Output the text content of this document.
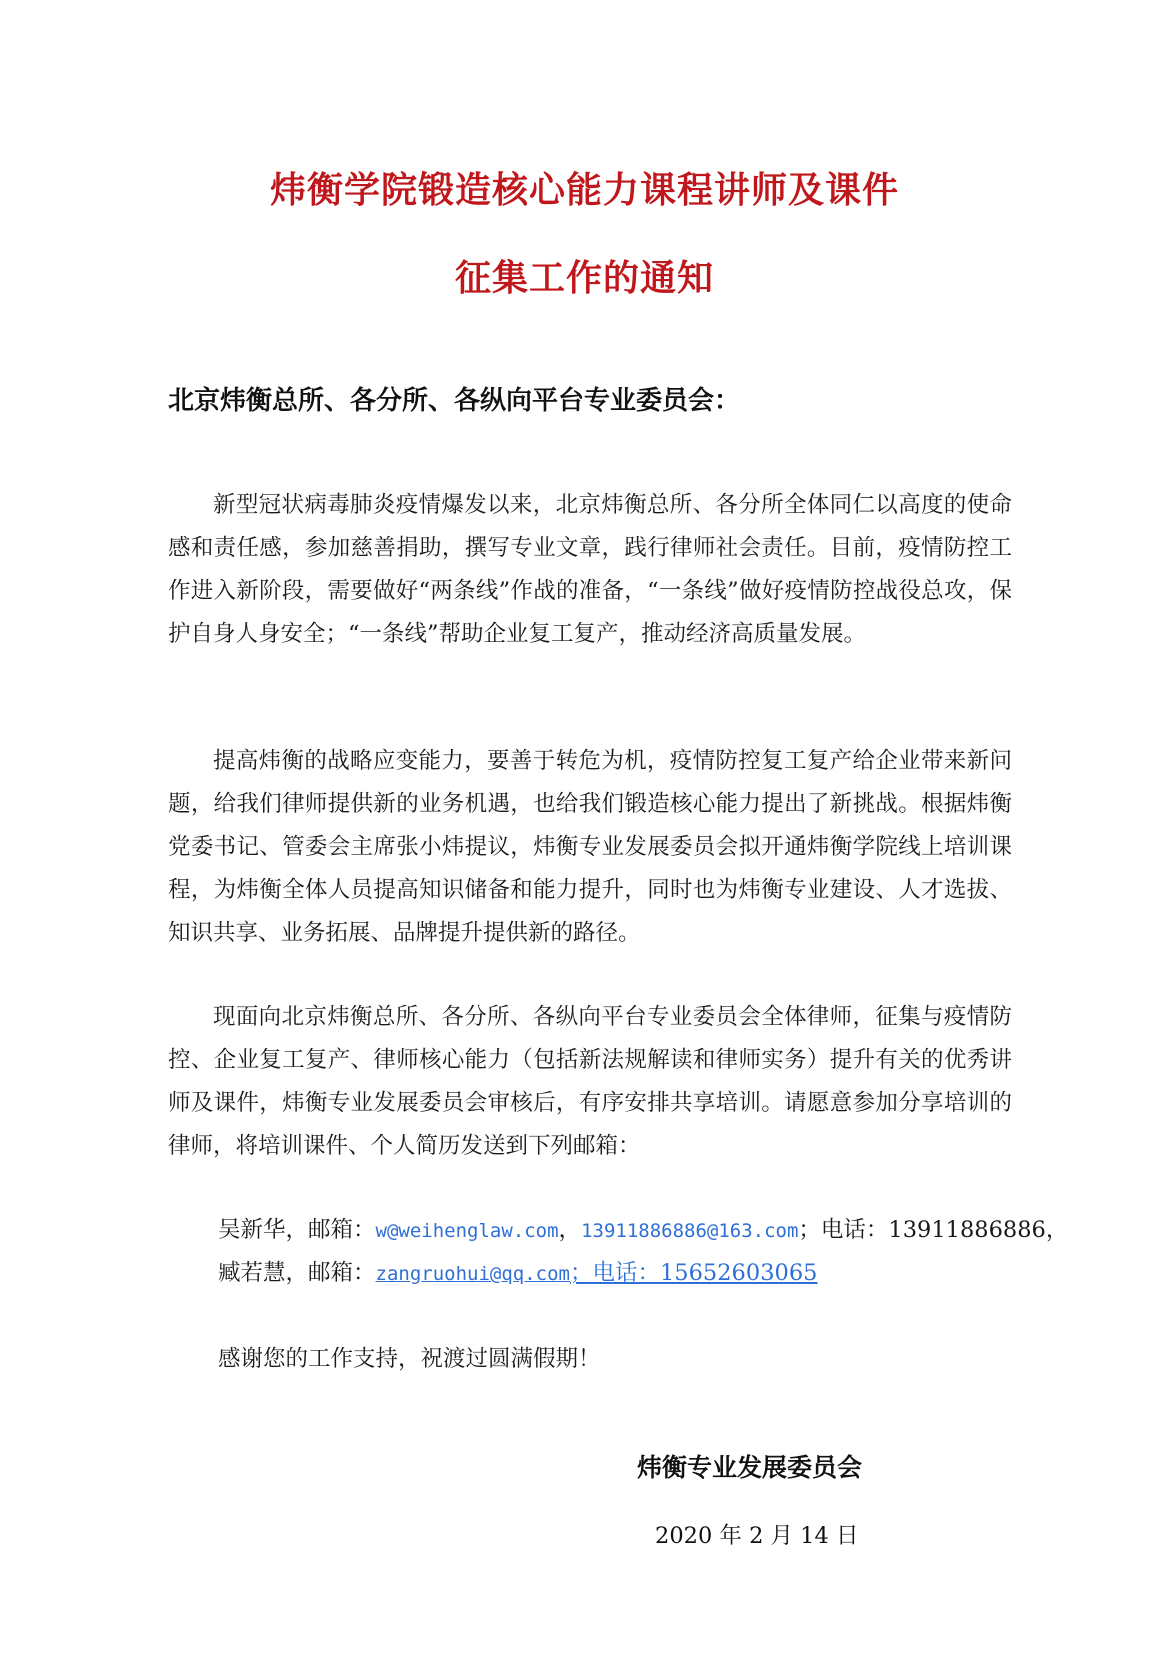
炜衡学院锻造核心能力课程讲师及课件
征集工作的通知

北京炜衡总所、各分所、各纵向平台专业委员会：

新型冠状病毒肺炎疫情爆发以来，北京炜衡总所、各分所全体同仁以高度的使命感和责任感，参加慈善捐助，撰写专业文章，践行律师社会责任。目前，疫情防控工作进入新阶段，需要做好“两条线”作战的准备，“一条线”做好疫情防控战役总攻，保护自身人身安全；“一条线”帮助企业复工复产，推动经济高质量发展。

提高炜衡的战略应变能力，要善于转危为机，疫情防控复工复产给企业带来新问题，给我们律师提供新的业务机遇，也给我们锻造核心能力提出了新挑战。根据炜衡党委书记、管委会主席张小炜提议，炜衡专业发展委员会拟开通炜衡学院线上培训课程，为炜衡全体人员提高知识储备和能力提升，同时也为炜衡专业建设、人才选拔、知识共享、业务拓展、品牌提升提供新的路径。

现面向北京炜衡总所、各分所、各纵向平台专业委员会全体律师，征集与疫情防控、企业复工复产、律师核心能力（包括新法规解读和律师实务）提升有关的优秀讲师及课件，炜衡专业发展委员会审核后，有序安排共享培训。请愿意参加分享培训的律师，将培训课件、个人简历发送到下列邮箱：

吴新华，邮箱：w@weihenglaw.com，13911886886@163.com；电话：13911886886，

臧若慧，邮箱：zangruohui@qq.com；电话：15652603065

感谢您的工作支持，祝渡过圆满假期！

炜衡专业发展委员会

2020 年 2 月 14 日
